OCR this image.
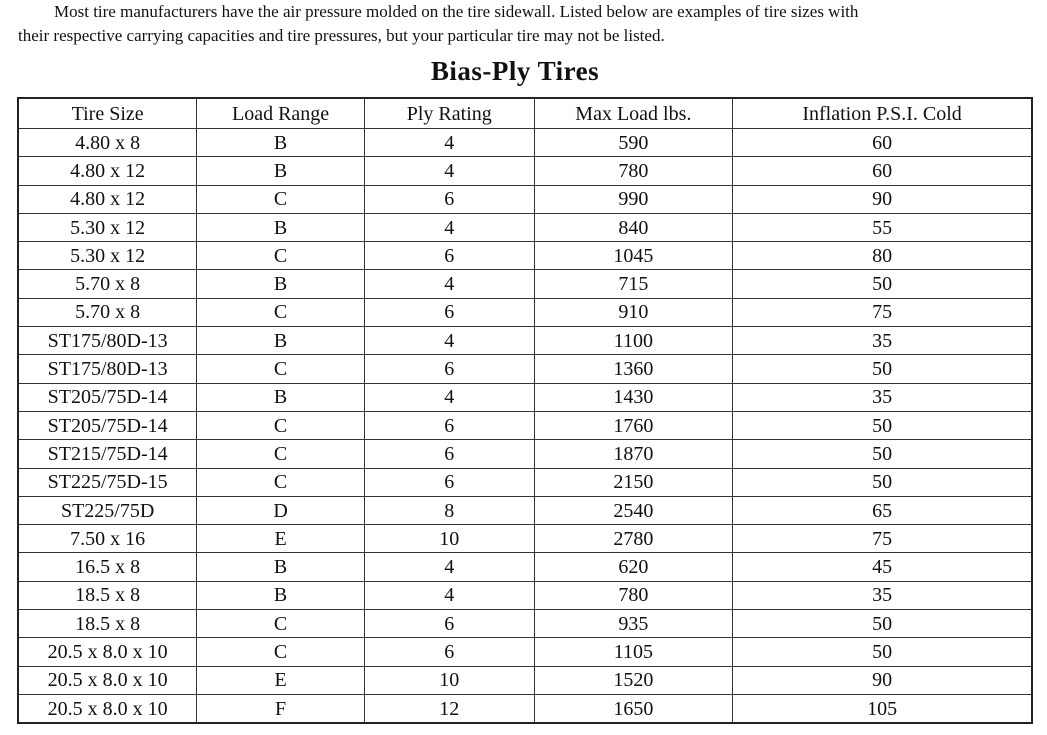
Most tire manufacturers have the air pressure molded on the tire sidewall. Listed below are examples of tire sizes with
their respective carrying capacities and tire pressures, but your particular tire may not be listed.
Bias-Ply Tires
Tire Size	Load Range	Ply Rating	Max Load lbs.	Inflation P.S.I. Cold
4.80 x 8	B	4	590	60
4.80 x 12	B	4	780	60
4.80 x 12	C	6	990	90
5.30 x 12	B	4	840	55
5.30 x 12	C	6	1045	80
5.70 x 8	B	4	715	50
5.70 x 8	C	6	910	75
ST175/80D-13	B	4	1100	35
ST175/80D-13	C	6	1360	50
ST205/75D-14	B	4	1430	35
ST205/75D-14	C	6	1760	50
ST215/75D-14	C	6	1870	50
ST225/75D-15	C	6	2150	50
ST225/75D	D	8	2540	65
7.50 x 16	E	10	2780	75
16.5 x 8	B	4	620	45
18.5 x 8	B	4	780	35
18.5 x 8	C	6	935	50
20.5 x 8.0 x 10	C	6	1105	50
20.5 x 8.0 x 10	E	10	1520	90
20.5 x 8.0 x 10	F	12	1650	105
